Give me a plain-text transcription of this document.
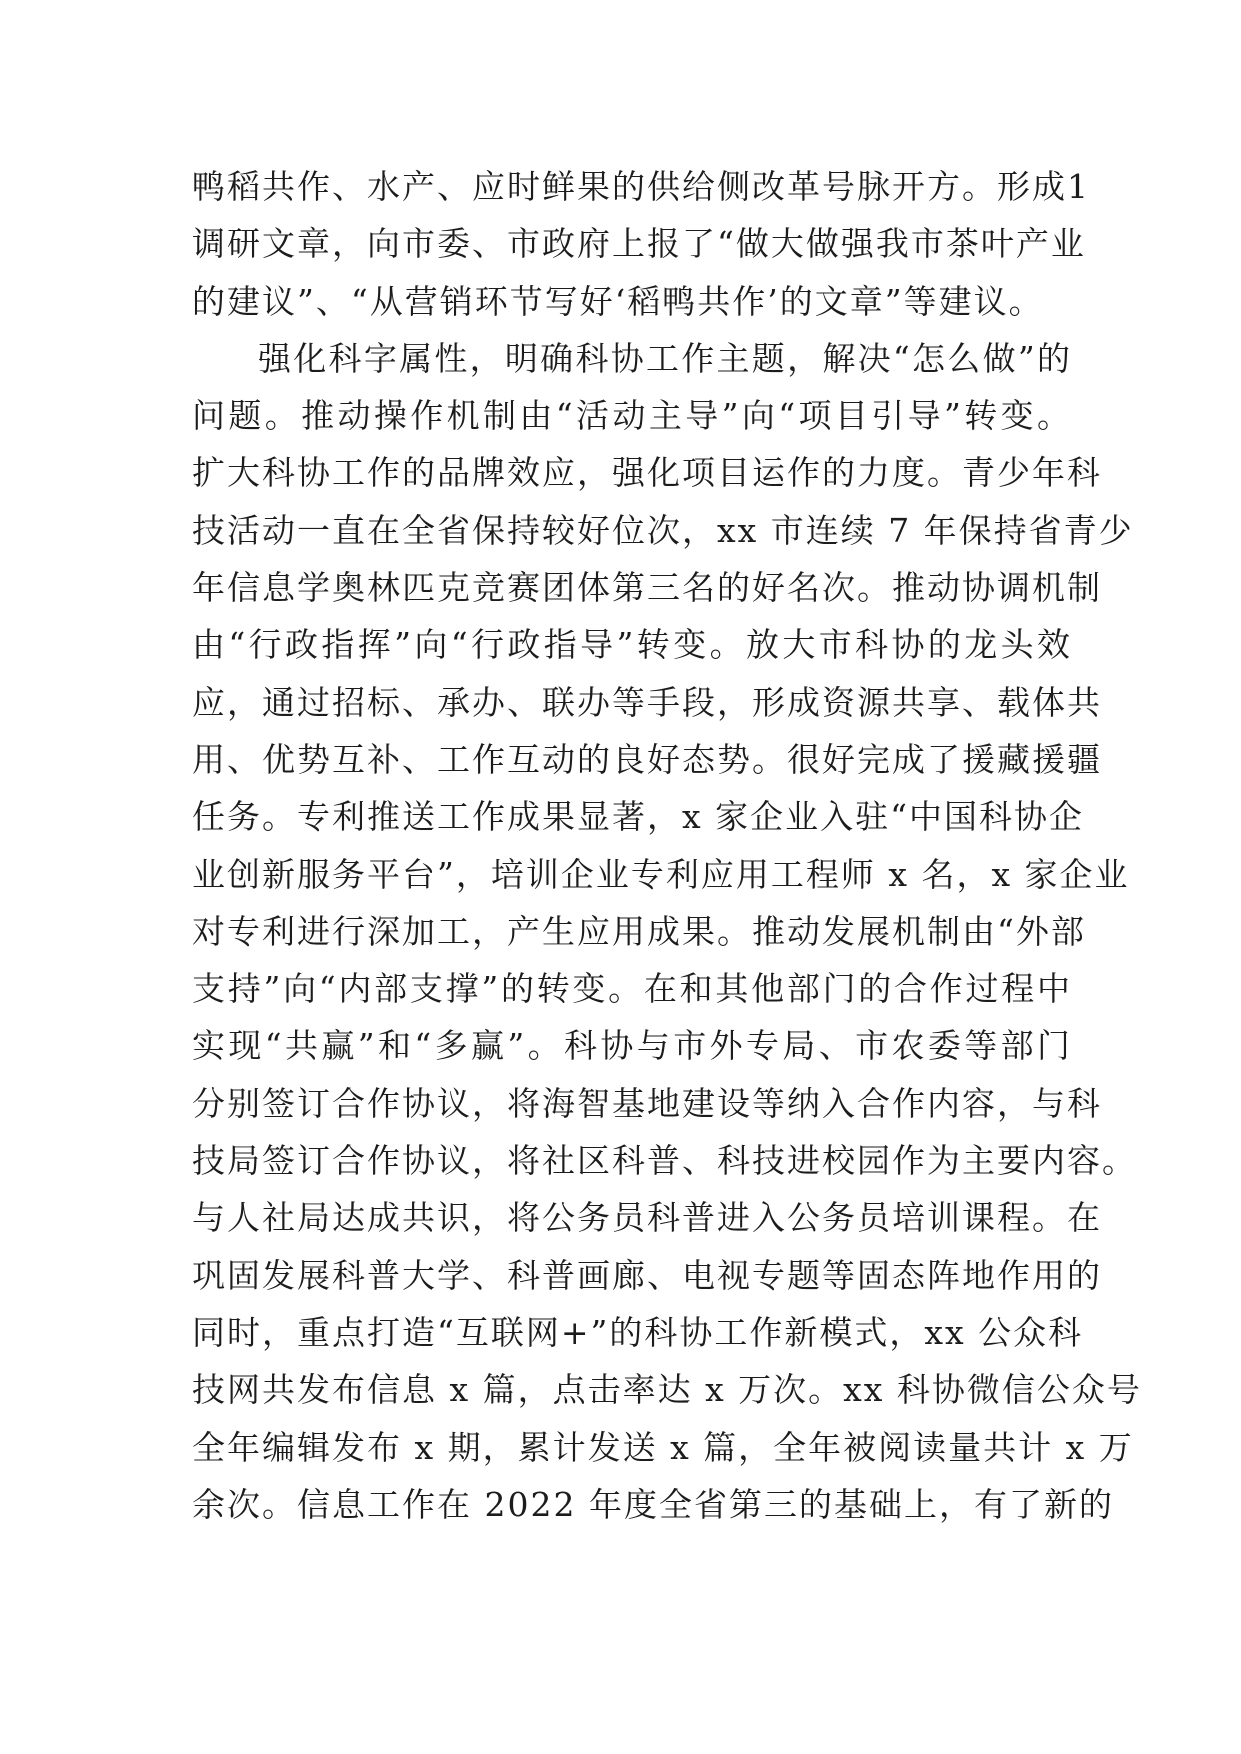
鸭稻共作、水产、应时鲜果的供给侧改革号脉开方。形成1
调研文章，向市委、市政府上报了“做大做强我市茶叶产业
的建议”、“从营销环节写好‘稻鸭共作’的文章”等建议。
强化科字属性，明确科协工作主题，解决“怎么做”的
问题。推动操作机制由“活动主导”向“项目引导”转变。
扩大科协工作的品牌效应，强化项目运作的力度。青少年科
技活动一直在全省保持较好位次，xx 市连续 7 年保持省青少
年信息学奥林匹克竞赛团体第三名的好名次。推动协调机制
由“行政指挥”向“行政指导”转变。放大市科协的龙头效
应，通过招标、承办、联办等手段，形成资源共享、载体共
用、优势互补、工作互动的良好态势。很好完成了援藏援疆
任务。专利推送工作成果显著，x 家企业入驻“中国科协企
业创新服务平台”，培训企业专利应用工程师 x 名，x 家企业
对专利进行深加工，产生应用成果。推动发展机制由“外部
支持”向“内部支撑”的转变。在和其他部门的合作过程中
实现“共赢”和“多赢”。科协与市外专局、市农委等部门
分别签订合作协议，将海智基地建设等纳入合作内容，与科
技局签订合作协议，将社区科普、科技进校园作为主要内容。
与人社局达成共识，将公务员科普进入公务员培训课程。在
巩固发展科普大学、科普画廊、电视专题等固态阵地作用的
同时，重点打造“互联网+”的科协工作新模式，xx 公众科
技网共发布信息 x 篇，点击率达 x 万次。xx 科协微信公众号
全年编辑发布 x 期，累计发送 x 篇，全年被阅读量共计 x 万
余次。信息工作在 2022 年度全省第三的基础上，有了新的
